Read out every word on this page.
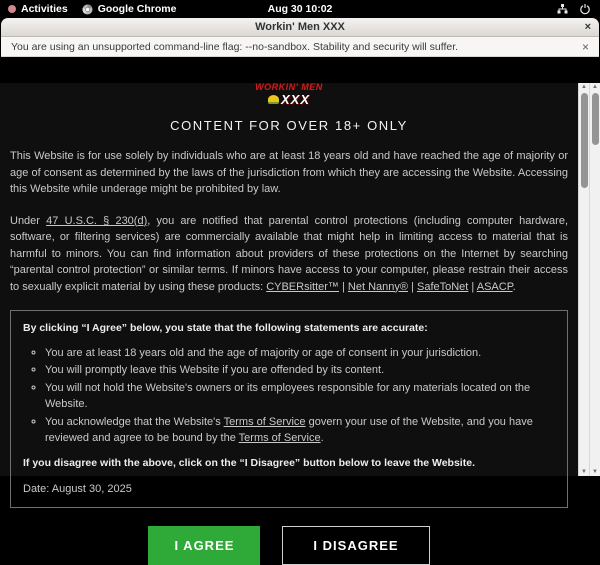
Activities	Google Chrome	Aug 30 10:02
Workin' Men XXX	×
You are using an unsupported command-line flag: --no-sandbox. Stability and security will suffer.	×
WORKIN' MEN
XXX
CONTENT FOR OVER 18+ ONLY

This Website is for use solely by individuals who are at least 18 years old and have reached the age of majority or age of consent as determined by the laws of the jurisdiction from which they are accessing the Website. Accessing this Website while underage might be prohibited by law.

Under 47 U.S.C. § 230(d), you are notified that parental control protections (including computer hardware, software, or filtering services) are commercially available that might help in limiting access to material that is harmful to minors. You can find information about providers of these protections on the Internet by searching “parental control protection” or similar terms. If minors have access to your computer, please restrain their access to sexually explicit material by using these products: CYBERsitter™ | Net Nanny® | SafeToNet | ASACP.

By clicking “I Agree” below, you state that the following statements are accurate:
◦ You are at least 18 years old and the age of majority or age of consent in your jurisdiction.
◦ You will promptly leave this Website if you are offended by its content.
◦ You will not hold the Website's owners or its employees responsible for any materials located on the Website.
◦ You acknowledge that the Website's Terms of Service govern your use of the Website, and you have reviewed and agree to be bound by the Terms of Service.
If you disagree with the above, click on the “I Disagree” button below to leave the Website.
Date: August 30, 2025
I AGREE	I DISAGREE
▲
▼
▲
▼
